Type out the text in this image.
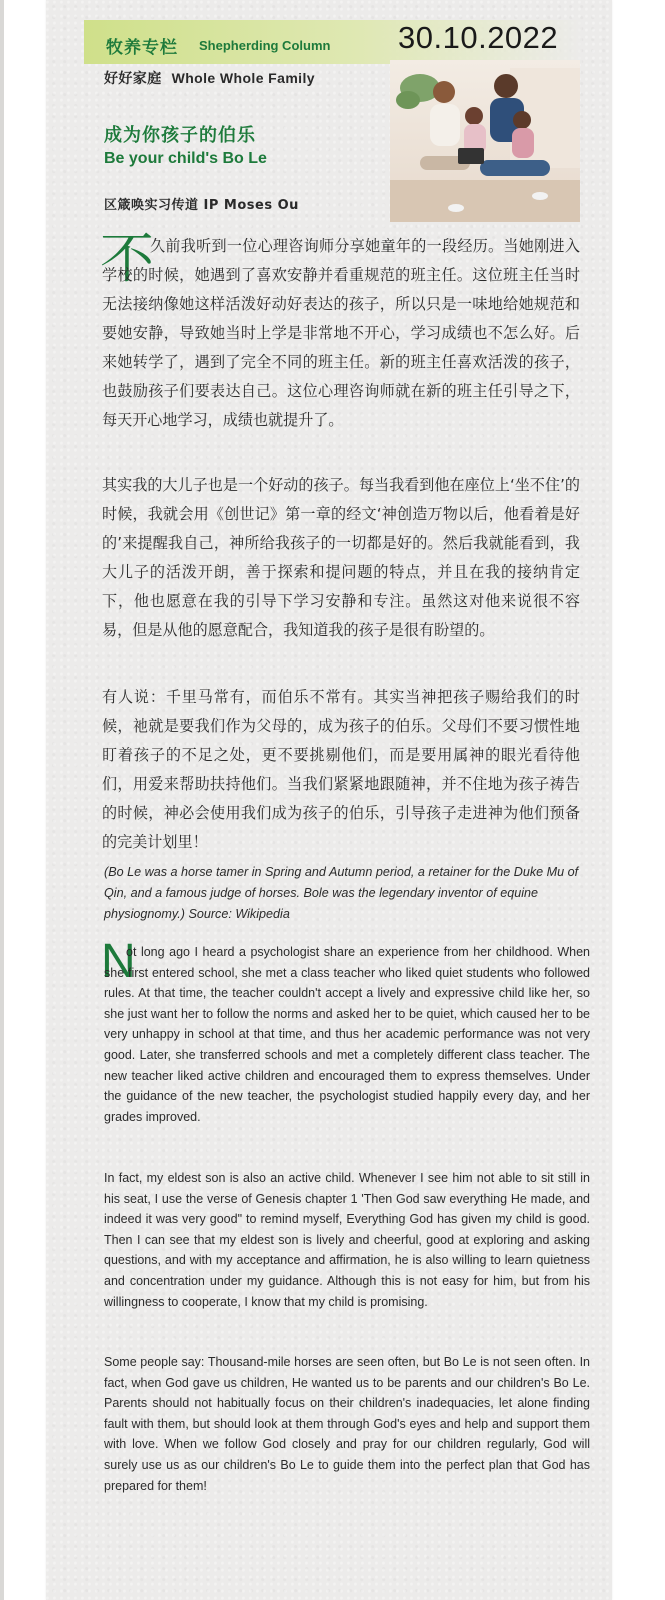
牧养专栏 Shepherding Column 30.10.2022
好好家庭 Whole Whole Family
成为你孩子的伯乐
Be your child's Bo Le
区箴唤实习传道 IP Moses Ou
不

久前我听到一位心理咨询师分享她童年的一段经历。当她刚进入学校的时候，她遇到了喜欢安静并看重规范的班主任。这位班主任当时无法接纳像她这样活泼好动好表达的孩子，所以只是一味地给她规范和要她安静，导致她当时上学是非常地不开心，学习成绩也不怎么好。后来她转学了，遇到了完全不同的班主任。新的班主任喜欢活泼的孩子，也鼓励孩子们要表达自己。这位心理咨询师就在新的班主任引导之下，每天开心地学习，成绩也就提升了。

其实我的大儿子也是一个好动的孩子。每当我看到他在座位上‘坐不住’的时候，我就会用《创世记》第一章的经文‘神创造万物以后，他看着是好的’来提醒我自己，神所给我孩子的一切都是好的。然后我就能看到，我大儿子的活泼开朗，善于探索和提问题的特点，并且在我的接纳肯定下，他也愿意在我的引导下学习安静和专注。虽然这对他来说很不容易，但是从他的愿意配合，我知道我的孩子是很有盼望的。

有人说：千里马常有，而伯乐不常有。其实当神把孩子赐给我们的时候，祂就是要我们作为父母的，成为孩子的伯乐。父母们不要习惯性地盯着孩子的不足之处，更不要挑剔他们，而是要用属神的眼光看待他们，用爱来帮助扶持他们。当我们紧紧地跟随神，并不住地为孩子祷告的时候，神必会使用我们成为孩子的伯乐，引导孩子走进神为他们预备的完美计划里！

(Bo Le was a horse tamer in Spring and Autumn period, a retainer for the Duke Mu of Qin, and a famous judge of horses. Bole was the legendary inventor of equine physiognomy.) Source: Wikipedia
N

ot long ago I heard a psychologist share an experience from her childhood. When she first entered school, she met a class teacher who liked quiet students who followed rules. At that time, the teacher couldn't accept a lively and expressive child like her, so she just want her to follow the norms and asked her to be quiet, which caused her to be very unhappy in school at that time, and thus her academic performance was not very good. Later, she transferred schools and met a completely different class teacher. The new teacher liked active children and encouraged them to express themselves. Under the guidance of the new teacher, the psychologist studied happily every day, and her grades improved.

In fact, my eldest son is also an active child. Whenever I see him not able to sit still in his seat, I use the verse of Genesis chapter 1 'Then God saw everything He made, and indeed it was very good" to remind myself, Everything God has given my child is good. Then I can see that my eldest son is lively and cheerful, good at exploring and asking questions, and with my acceptance and affirmation, he is also willing to learn quietness and concentration under my guidance. Although this is not easy for him, but from his willingness to cooperate, I know that my child is promising.

Some people say: Thousand-mile horses are seen often, but Bo Le is not seen often. In fact, when God gave us children, He wanted us to be parents and our children's Bo Le. Parents should not habitually focus on their children's inadequacies, let alone finding fault with them, but should look at them through God's eyes and help and support them with love. When we follow God closely and pray for our children regularly, God will surely use us as our children's Bo Le to guide them into the perfect plan that God has prepared for them!
